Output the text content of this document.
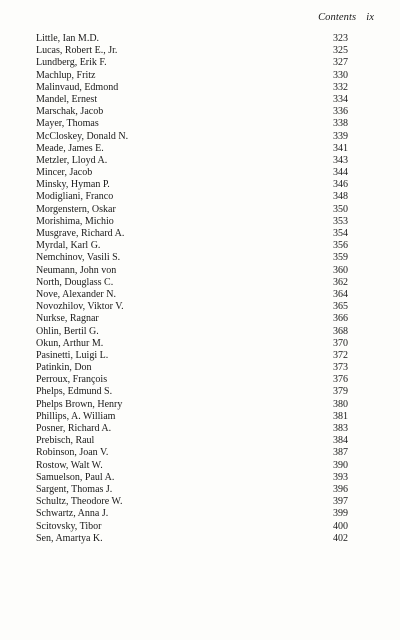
Contents ix
Little, Ian M.D.	323
Lucas, Robert E., Jr.	325
Lundberg, Erik F.	327
Machlup, Fritz	330
Malinvaud, Edmond	332
Mandel, Ernest	334
Marschak, Jacob	336
Mayer, Thomas	338
McCloskey, Donald N.	339
Meade, James E.	341
Metzler, Lloyd A.	343
Mincer, Jacob	344
Minsky, Hyman P.	346
Modigliani, Franco	348
Morgenstern, Oskar	350
Morishima, Michio	353
Musgrave, Richard A.	354
Myrdal, Karl G.	356
Nemchinov, Vasili S.	359
Neumann, John von	360
North, Douglass C.	362
Nove, Alexander N.	364
Novozhilov, Viktor V.	365
Nurkse, Ragnar	366
Ohlin, Bertil G.	368
Okun, Arthur M.	370
Pasinetti, Luigi L.	372
Patinkin, Don	373
Perroux, François	376
Phelps, Edmund S.	379
Phelps Brown, Henry	380
Phillips, A. William	381
Posner, Richard A.	383
Prebisch, Raul	384
Robinson, Joan V.	387
Rostow, Walt W.	390
Samuelson, Paul A.	393
Sargent, Thomas J.	396
Schultz, Theodore W.	397
Schwartz, Anna J.	399
Scitovsky, Tibor	400
Sen, Amartya K.	402
